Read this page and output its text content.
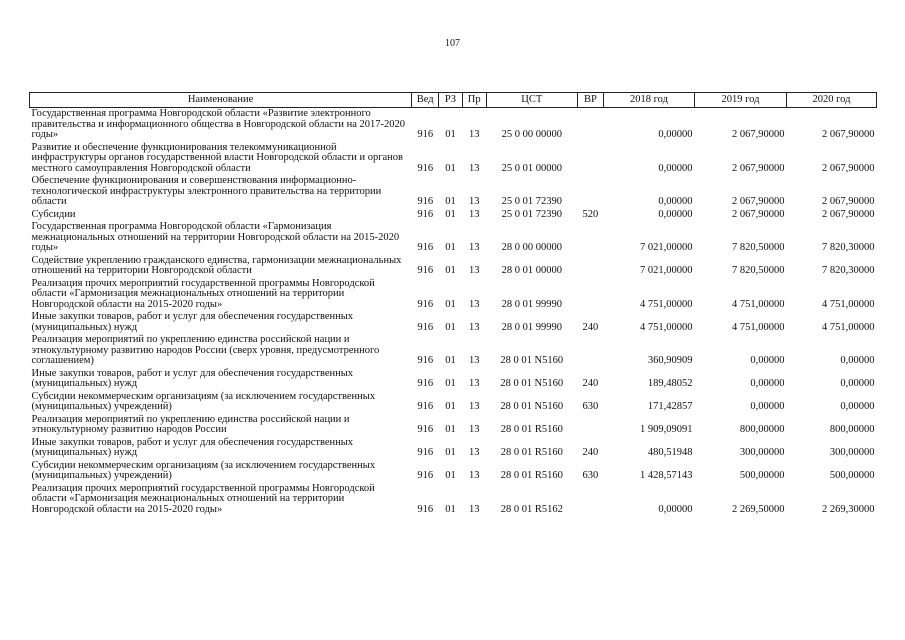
107
Наименование	Вед	РЗ	Пр	ЦСТ	ВР	2018 год	2019 год	2020 год
Государственная программа Новгородской области «Развитие электронного правительства и информационного общества в Новгородской области на 2017-2020 годы»	916	01	13	25 0 00 00000		0,00000	2 067,90000	2 067,90000
Развитие и обеспечение функционирования телекоммуникационной инфраструктуры органов государственной власти Новгородской области и органов местного самоуправления Новгородской области	916	01	13	25 0 01 00000		0,00000	2 067,90000	2 067,90000
Обеспечение функционирования и совершенствования информационно- технологической инфраструктуры электронного правительства на территории области	916	01	13	25 0 01 72390		0,00000	2 067,90000	2 067,90000
Субсидии	916	01	13	25 0 01 72390	520	0,00000	2 067,90000	2 067,90000
Государственная программа Новгородской области «Гармонизация межнациональных отношений на территории Новгородской области на 2015-2020 годы»	916	01	13	28 0 00 00000		7 021,00000	7 820,50000	7 820,30000
Содействие укреплению гражданского единства, гармонизации межнациональных отношений на территории Новгородской области	916	01	13	28 0 01 00000		7 021,00000	7 820,50000	7 820,30000
Реализация прочих мероприятий государственной программы Новгородской области «Гармонизация межнациональных отношений на территории Новгородской области на 2015-2020 годы»	916	01	13	28 0 01 99990		4 751,00000	4 751,00000	4 751,00000
Иные закупки товаров, работ и услуг для обеспечения государственных (муниципальных) нужд	916	01	13	28 0 01 99990	240	4 751,00000	4 751,00000	4 751,00000
Реализация мероприятий по укреплению единства российской нации и этнокультурному развитию народов России (сверх уровня, предусмотренного соглашением)	916	01	13	28 0 01 N5160		360,90909	0,00000	0,00000
Иные закупки товаров, работ и услуг для обеспечения государственных (муниципальных) нужд	916	01	13	28 0 01 N5160	240	189,48052	0,00000	0,00000
Субсидии некоммерческим организациям (за исключением государственных (муниципальных) учреждений)	916	01	13	28 0 01 N5160	630	171,42857	0,00000	0,00000
Реализация мероприятий по укреплению единства российской нации и этнокультурному развитию народов России	916	01	13	28 0 01 R5160		1 909,09091	800,00000	800,00000
Иные закупки товаров, работ и услуг для обеспечения государственных (муниципальных) нужд	916	01	13	28 0 01 R5160	240	480,51948	300,00000	300,00000
Субсидии некоммерческим организациям (за исключением государственных (муниципальных) учреждений)	916	01	13	28 0 01 R5160	630	1 428,57143	500,00000	500,00000
Реализация прочих мероприятий государственной программы Новгородской области «Гармонизация межнациональных отношений на территории Новгородской области на 2015-2020 годы»	916	01	13	28 0 01 R5162		0,00000	2 269,50000	2 269,30000
